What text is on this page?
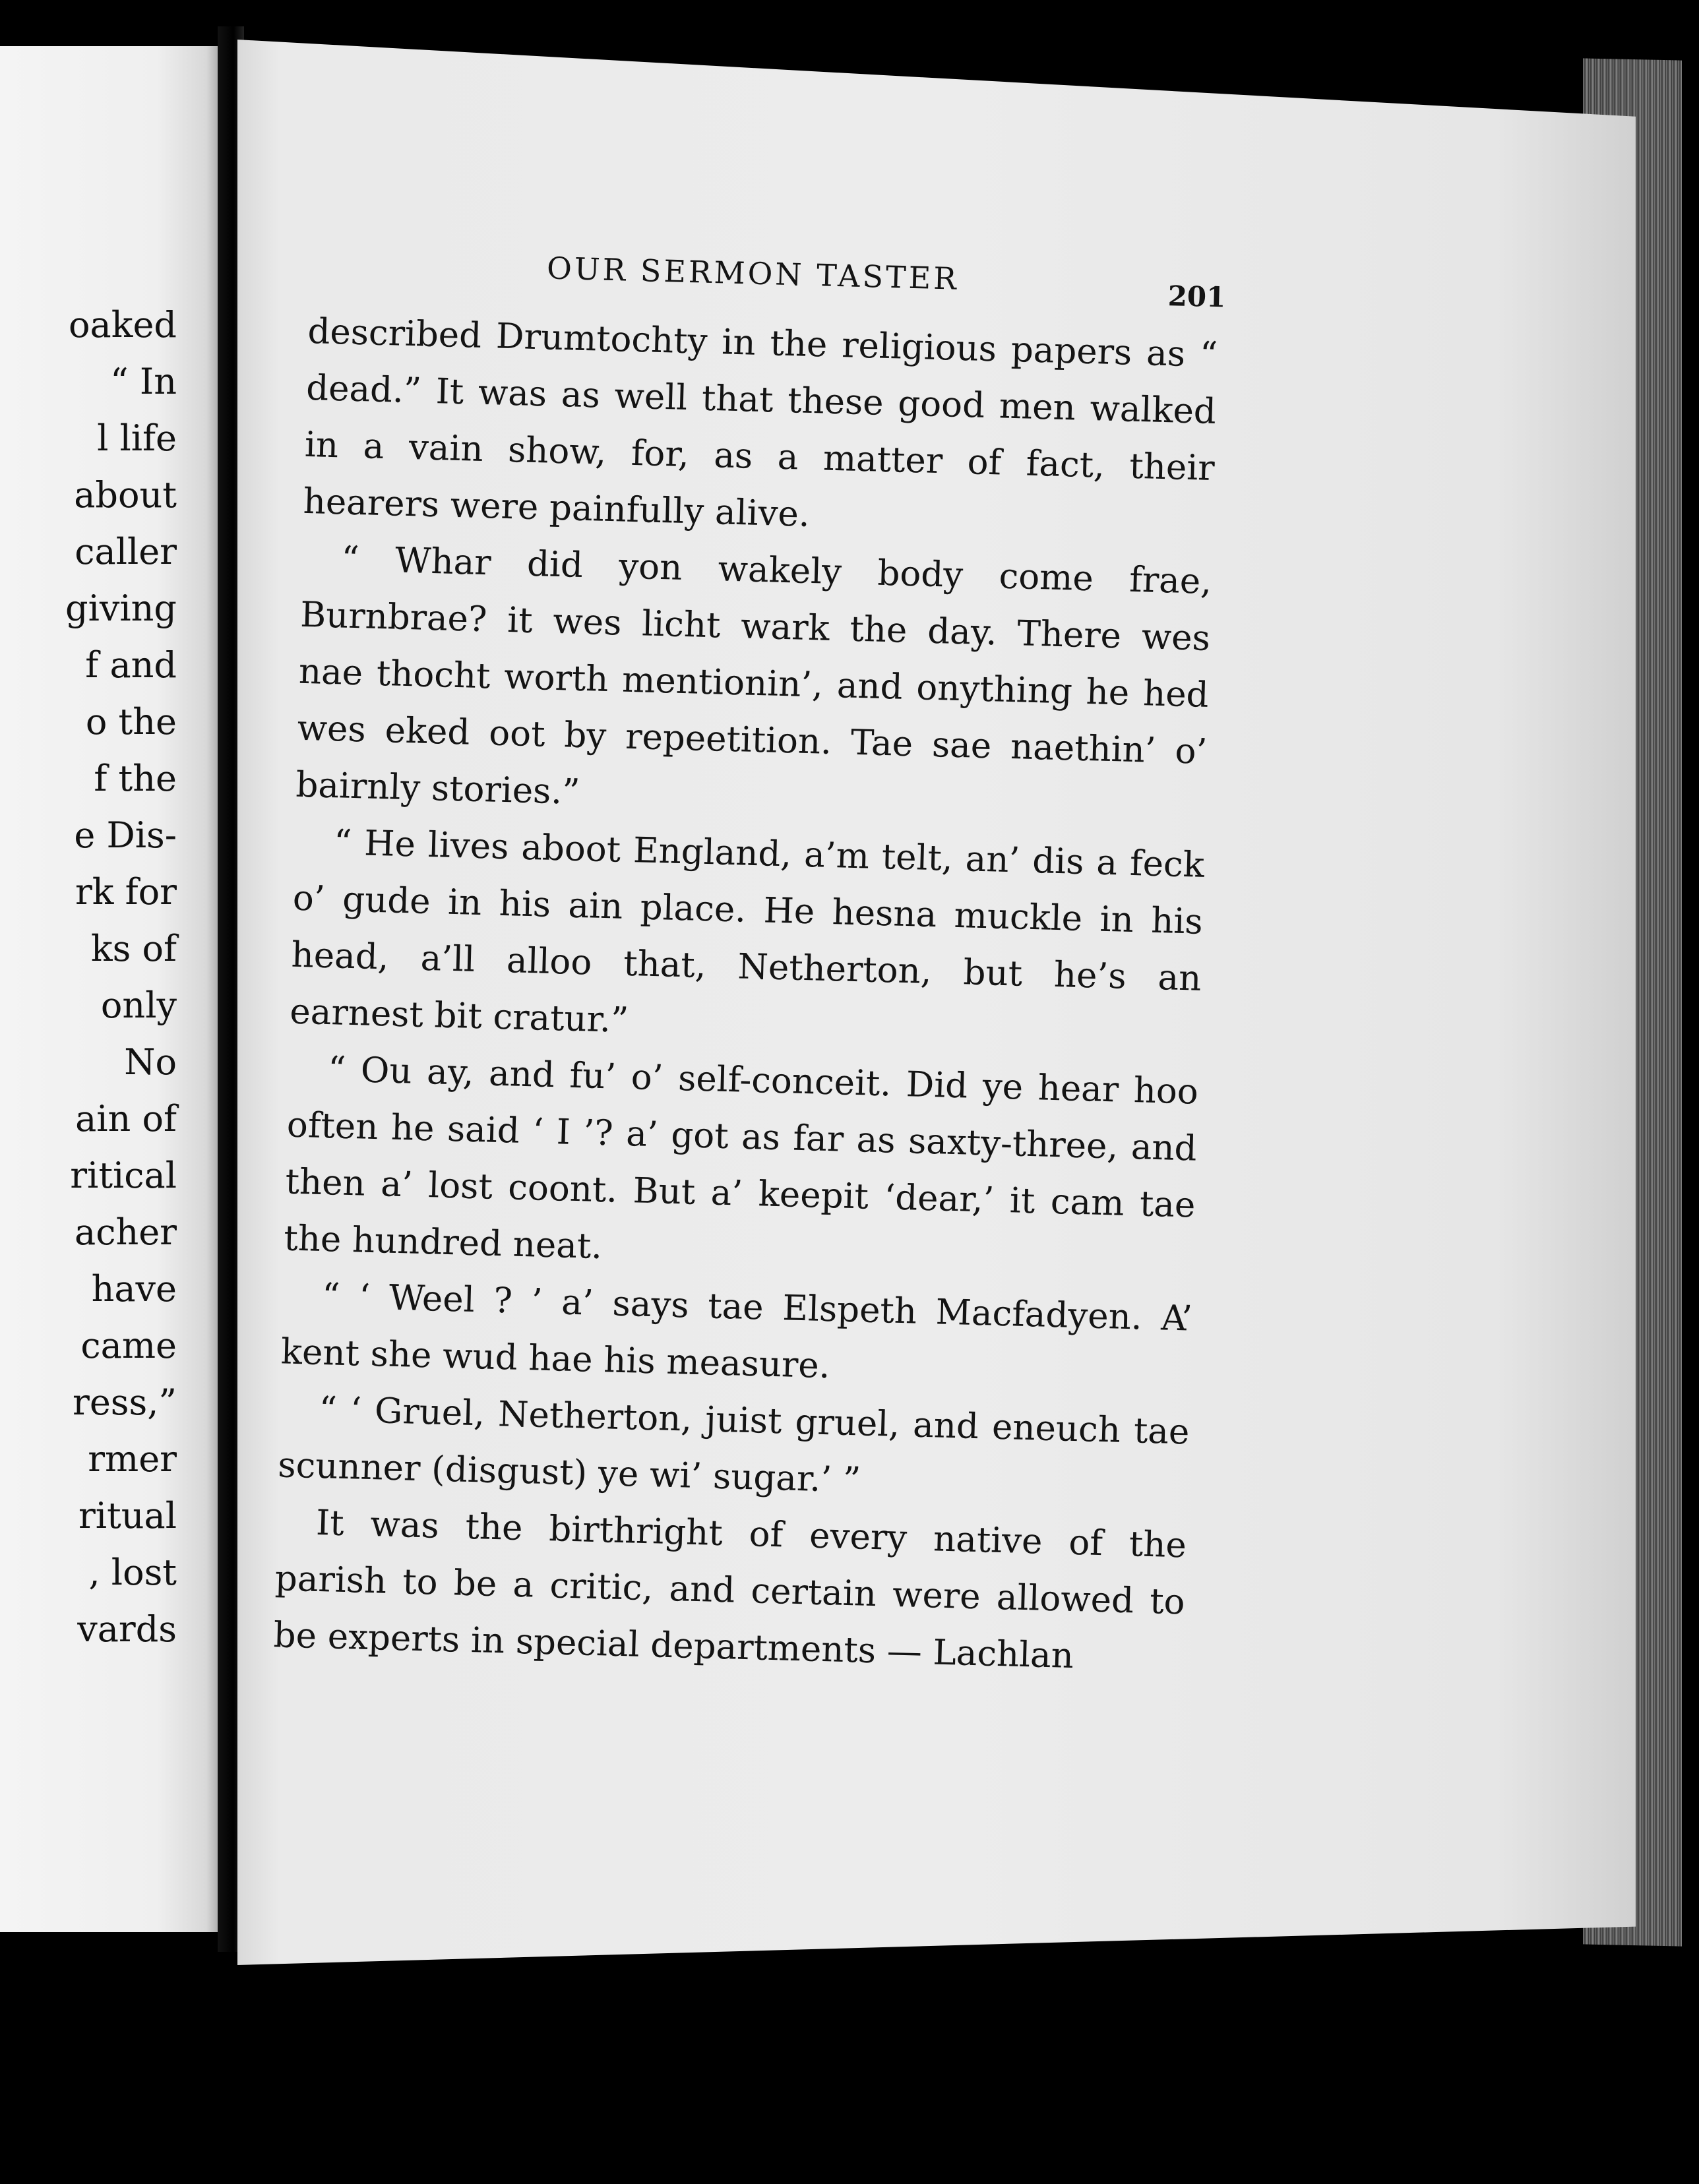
oaked
“ In
l life
about
caller
giving
f and
o the
f the
e Dis-
rk for
ks of
only
No
ain of
ritical
acher
have
came
ress,”
rmer
ritual
, lost
vards
OUR SERMON TASTER	201

described Drumtochty in the religious papers as “ dead.” It was as well that these good men walked in a vain show, for, as a matter of fact, their hearers were painfully alive.

“ Whar did yon wakely body come frae, Burnbrae? it wes licht wark the day. There wes nae thocht worth mentionin’, and onything he hed wes eked oot by repeetition. Tae sae naethin’ o’ bairnly stories.”

“ He lives aboot England, a’m telt, an’ dis a feck o’ gude in his ain place. He hesna muckle in his head, a’ll alloo that, Netherton, but he’s an earnest bit cratur.”

“ Ou ay, and fu’ o’ self-conceit. Did ye hear hoo often he said ‘ I ’? a’ got as far as saxty-three, and then a’ lost coont. But a’ keepit ‘dear,’ it cam tae the hundred neat.

“ ‘ Weel ? ’ a’ says tae Elspeth Macfadyen. A’ kent she wud hae his measure.

“ ‘ Gruel, Netherton, juist gruel, and eneuch tae scunner (disgust) ye wi’ sugar.’ ”

It was the birthright of every native of the parish to be a critic, and certain were allowed to be experts in special departments — Lachlan
